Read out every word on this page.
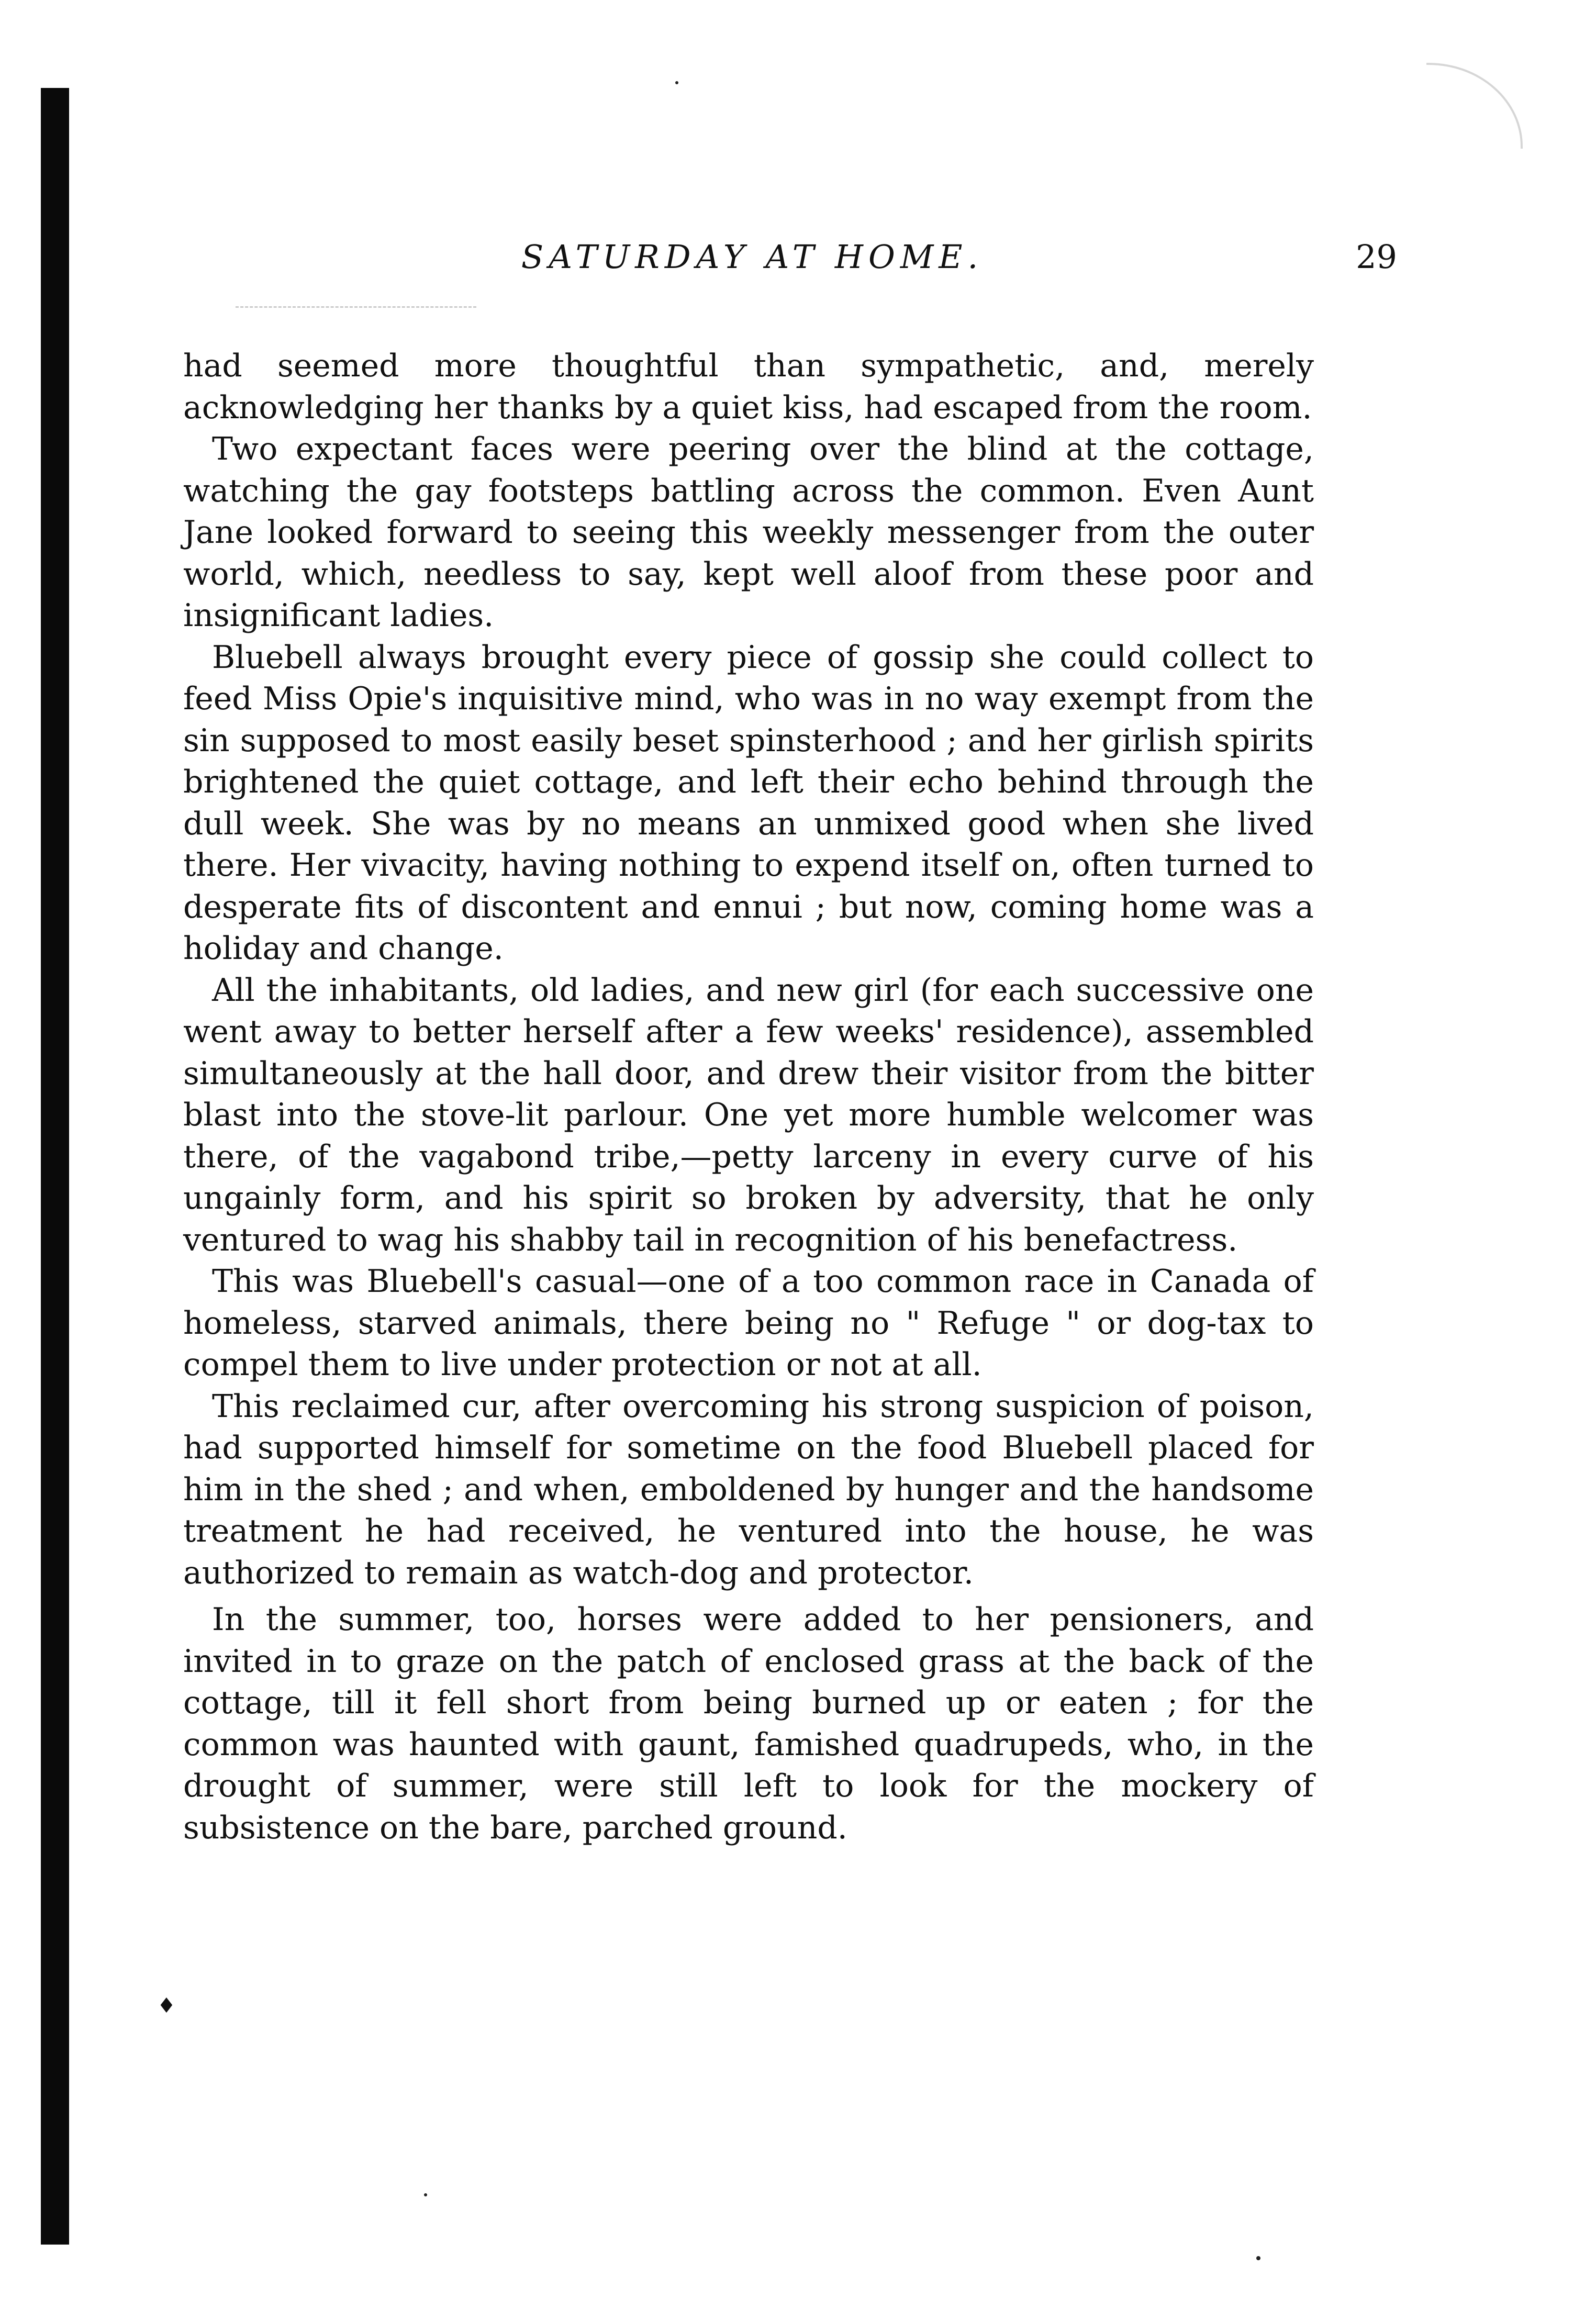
SATURDAY AT HOME.	29

had seemed more thoughtful than sympathetic, and, merely acknowledging her thanks by a quiet kiss, had escaped from the room.

Two expectant faces were peering over the blind at the cottage, watching the gay footsteps battling across the common. Even Aunt Jane looked forward to seeing this weekly messenger from the outer world, which, needless to say, kept well aloof from these poor and insignificant ladies.

Bluebell always brought every piece of gossip she could collect to feed Miss Opie's inquisitive mind, who was in no way exempt from the sin supposed to most easily beset spinsterhood ; and her girlish spirits brightened the quiet cottage, and left their echo behind through the dull week. She was by no means an unmixed good when she lived there. Her vivacity, having nothing to expend itself on, often turned to desperate fits of discontent and ennui ; but now, coming home was a holiday and change.

All the inhabitants, old ladies, and new girl (for each successive one went away to better herself after a few weeks' residence), assembled simultaneously at the hall door, and drew their visitor from the bitter blast into the stove-lit parlour. One yet more humble welcomer was there, of the vagabond tribe,—petty larceny in every curve of his ungainly form, and his spirit so broken by adversity, that he only ventured to wag his shabby tail in recognition of his benefactress.

This was Bluebell's casual—one of a too common race in Canada of homeless, starved animals, there being no " Refuge " or dog-tax to compel them to live under protection or not at all.

This reclaimed cur, after overcoming his strong suspicion of poison, had supported himself for sometime on the food Bluebell placed for him in the shed ; and when, emboldened by hunger and the handsome treatment he had received, he ventured into the house, he was authorized to remain as watch-dog and protector.

In the summer, too, horses were added to her pensioners, and invited in to graze on the patch of enclosed grass at the back of the cottage, till it fell short from being burned up or eaten ; for the common was haunted with gaunt, famished quadrupeds, who, in the drought of summer, were still left to look for the mockery of subsistence on the bare, parched ground.

♦
